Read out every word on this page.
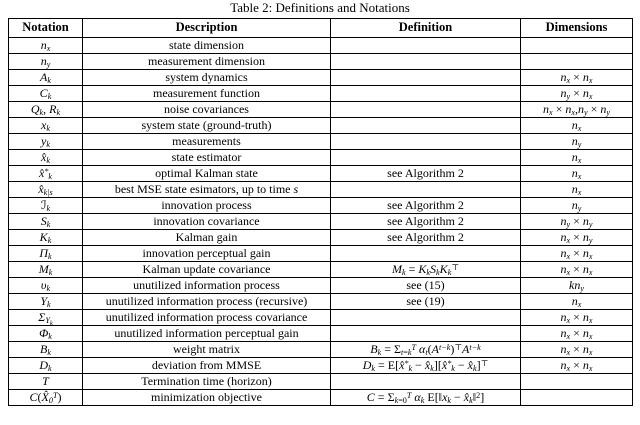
Table 2: Definitions and Notations
Notation	Description	Definition	Dimensions
$n_x$	state dimension		
$n_y$	measurement dimension		
$A_k$	system dynamics		$n_x \times n_x$
$C_k$	measurement function		$n_y \times n_x$
$Q_k$, $R_k$	noise covariances		$n_x \times n_x,n_y \times n_y$
$x_k$	system state (ground-truth)		$n_x$
$y_k$	measurements		$n_y$
$x̂_k$	state estimator		$n_x$
$x̂^*_k$	optimal Kalman state	see Algorithm 2	$n_x$
$x̂_{k|s}$	best MSE state esimators, up to time s		$n_x$
ℐ$_k$	innovation process	see Algorithm 2	$n_y$
$S_k$	innovation covariance	see Algorithm 2	$n_y \times n_y$
$K_k$	Kalman gain	see Algorithm 2	$n_x \times n_y$
$\Pi_k$	innovation perceptual gain		$n_x \times n_x$
$M_k$	Kalman update covariance	$M_k = K_kS_kK_k^⊤$	$n_x \times n_x$
$\upsilon_k$	unutilized information process	see (15)	$kn_y$
$\Upsilon_k$	unutilized information process (recursive)	see (19)	$n_x$
$\Sigma_{\Upsilon_k}$	unutilized information process covariance		$n_x \times n_x$
$\Phi_k$	unutilized information perceptual gain		$n_x \times n_x$
$B_k$	weight matrix	$B_k = \Sigma_{t=k}^T$ $\alpha_t(A^{t-k})^⊤A^{t-k}$	$n_x \times n_x$
$D_k$	deviation from MMSE	$D_k$ = $E[x̂^*_k$ − $x̂_k][x̂^*_k$ − $x̂_k]^⊤$	$n_x \times n_x$
T	Termination time (horizon)		
$C(X̂_0^T)$	minimization objective	$C = \Sigma_{k=0}^T$ $\alpha_k$ $E[‖x_k$ − $x̂_k‖^2$]	
